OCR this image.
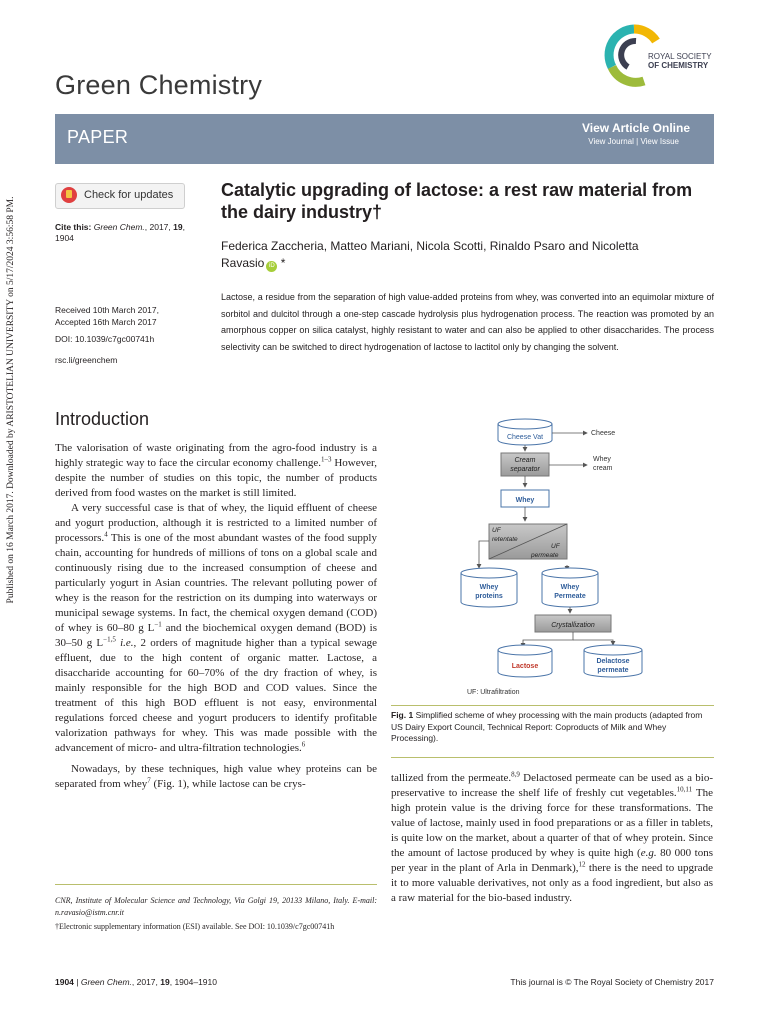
Published on 16 March 2017. Downloaded by ARISTOTELIAN UNIVERSITY on 5/17/2024 3:56:58 PM.
Green Chemistry
ROYAL SOCIETY
OF CHEMISTRY
PAPER	View Article Online
View Journal | View Issue
Check for updates
Cite this: Green Chem., 2017, 19,
1904
Received 10th March 2017,
Accepted 16th March 2017
DOI: 10.1039/c7gc00741h
rsc.li/greenchem
Catalytic upgrading of lactose: a rest raw material from the dairy industry†
Federica Zaccheria, Matteo Mariani, Nicola Scotti, Rinaldo Psaro and Nicoletta Ravasio iD *
Lactose, a residue from the separation of high value-added proteins from whey, was converted into an equimolar mixture of sorbitol and dulcitol through a one-step cascade hydrolysis plus hydrogenation process. The reaction was promoted by an amorphous copper on silica catalyst, highly resistant to water and can also be applied to other disaccharides. The process selectivity can be switched to direct hydrogenation of lactose to lactitol only by changing the solvent.
Introduction

The valorisation of waste originating from the agro-food industry is a highly strategic way to face the circular economy challenge.$^{1-3}$ However, despite the number of studies on this topic, the number of products derived from food wastes on the market is still limited.

A very successful case is that of whey, the liquid effluent of cheese and yogurt production, although it is restricted to a limited number of processors.$^4$ This is one of the most abundant wastes of the food supply chain, accounting for hundreds of millions of tons on a global scale and continuously rising due to the increased consumption of cheese and particularly yogurt in Asian countries. The relevant polluting power of whey is the reason for the restriction on its dumping into waterways or municipal sewage systems. In fact, the chemical oxygen demand (COD) of whey is 60–80 g $L^{-1}$ and the biochemical oxygen demand (BOD) is 30–50 g $L^{-1,5}$ i.e., 2 orders of magnitude higher than a typical sewage effluent, due to the high content of organic matter. Lactose, a disaccharide accounting for 60–70% of the dry fraction of whey, is mainly responsible for the high BOD and COD values. Since the treatment of this high BOD effluent is not easy, environmental regulations forced cheese and yogurt producers to identify profitable valorization pathways for whey. This was made possible with the advancement of micro- and ultra-filtration technologies.$^6$

Nowadays, by these techniques, high value whey proteins can be separated from whey$^7$ (Fig. 1), while lactose can be crys-

CNR, Institute of Molecular Science and Technology, Via Golgi 19, 20133 Milano, Italy. E-mail: n.ravasio@istm.cnr.it

†Electronic supplementary information (ESI) available. See DOI: 10.1039/c7gc00741h

Cheese Vat
Cheese
Cream
separator
Whey
cream
Whey
UF
retentate
UF
permeate
Whey
proteins
Whey
Permeate
Crystallization
Lactose
Delactose
permeate
UF: Ultrafiltration
Fig. 1 Simplified scheme of whey processing with the main products (adapted from US Dairy Export Council, Technical Report: Coproducts of Milk and Whey Processing).

tallized from the permeate.$^{8,9}$ Delactosed permeate can be used as a bio-preservative to increase the shelf life of freshly cut vegetables.$^{10,11}$ The high protein value is the driving force for these transformations. The value of lactose, mainly used in food preparations or as a filler in tablets, is quite low on the market, about a quarter of that of whey protein. Since the amount of lactose produced by whey is quite high (e.g. 80 000 tons per year in the plant of Arla in Denmark),$^{12}$ there is the need to upgrade it to more valuable derivatives, not only as a food ingredient, but also as a raw material for the bio-based industry.

1904 | Green Chem., 2017, 19, 1904–1910	This journal is © The Royal Society of Chemistry 2017
